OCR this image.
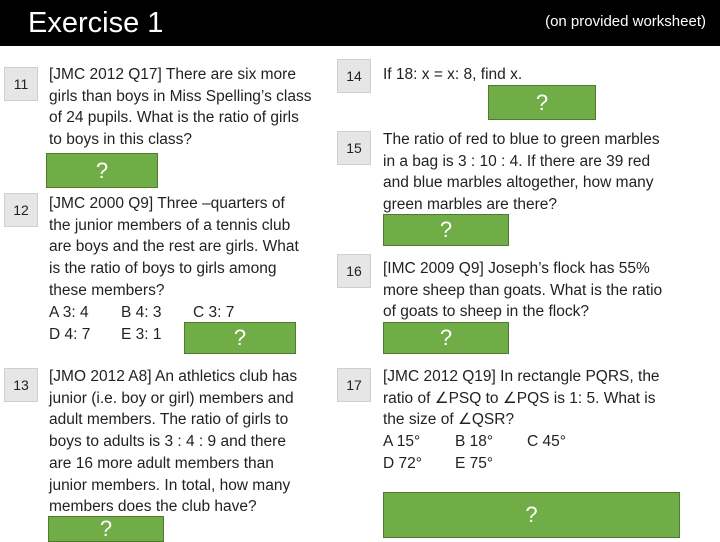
Exercise 1	(on provided worksheet)
11
[JMC 2012 Q17] There are six more
girls than boys in Miss Spelling’s class
of 24 pupils. What is the ratio of girls
to boys in this class?
?
12	[JMC 2000 Q9] Three –quarters of
the junior members of a tennis club
are boys and the rest are girls. What
is the ratio of boys to girls among
these members?
A 3: 4 B 4: 3 C 3: 7
D 4: 7 E 3: 1	?
13	[JMO 2012 A8] An athletics club has
junior (i.e. boy or girl) members and
adult members. The ratio of girls to
boys to adults is 3 : 4 : 9 and there
are 16 more adult members than
junior members. In total, how many
members does the club have?
?
14	If 18: x = x: 8, find x.
?
15	The ratio of red to blue to green marbles
in a bag is 3 : 10 : 4. If there are 39 red
and blue marbles altogether, how many
green marbles are there?
?
16	[IMC 2009 Q9] Joseph’s flock has 55%
more sheep than goats. What is the ratio
of goats to sheep in the flock?
?
17	[JMC 2012 Q19] In rectangle PQRS, the
ratio of ∠PSQ to ∠PQS is 1: 5. What is
the size of ∠QSR?
A 15° B 18° C 45°
D 72° E 75°
?
